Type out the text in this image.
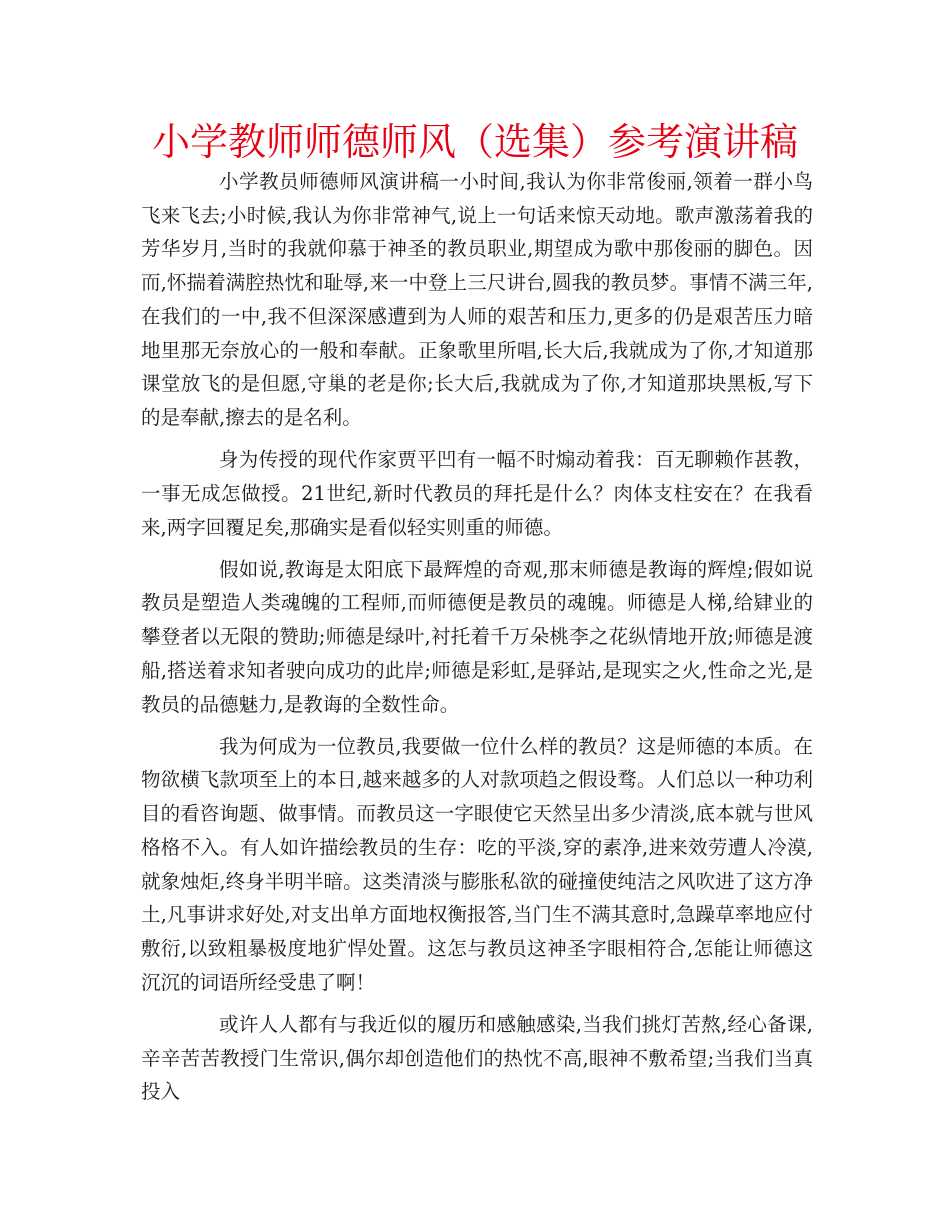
小学教师师德师风（选集）参考演讲稿

小学教员师德师风演讲稿一小时间,我认为你非常俊丽,领着一群小鸟飞来飞去;小时候,我认为你非常神气,说上一句话来惊天动地。歌声激荡着我的芳华岁月,当时的我就仰慕于神圣的教员职业,期望成为歌中那俊丽的脚色。因而,怀揣着满腔热忱和耻辱,来一中登上三尺讲台,圆我的教员梦。事情不满三年,在我们的一中,我不但深深感遭到为人师的艰苦和压力,更多的仍是艰苦压力暗地里那无奈放心的一般和奉献。正象歌里所唱,长大后,我就成为了你,才知道那课堂放飞的是但愿,守巢的老是你;长大后,我就成为了你,才知道那块黑板,写下的是奉献,擦去的是名利。

身为传授的现代作家贾平凹有一幅不时煽动着我：百无聊赖作甚教，一事无成怎做授。21世纪,新时代教员的拜托是什么？肉体支柱安在？在我看来,两字回覆足矣,那确实是看似轻实则重的师德。

假如说,教诲是太阳底下最辉煌的奇观,那末师德是教诲的辉煌;假如说教员是塑造人类魂魄的工程师,而师德便是教员的魂魄。师德是人梯,给肄业的攀登者以无限的赞助;师德是绿叶,衬托着千万朵桃李之花纵情地开放;师德是渡船,搭送着求知者驶向成功的此岸;师德是彩虹,是驿站,是现实之火,性命之光,是教员的品德魅力,是教诲的全数性命。

我为何成为一位教员,我要做一位什么样的教员？这是师德的本质。在物欲横飞款项至上的本日,越来越多的人对款项趋之假设骛。人们总以一种功利目的看咨询题、做事情。而教员这一字眼使它天然呈出多少清淡,底本就与世风格格不入。有人如许描绘教员的生存：吃的平淡,穿的素净,进来效劳遭人冷漠,就象烛炬,终身半明半暗。这类清淡与膨胀私欲的碰撞使纯洁之风吹进了这方净土,凡事讲求好处,对支出单方面地权衡报答,当门生不满其意时,急躁草率地应付敷衍,以致粗暴极度地犷悍处置。这怎与教员这神圣字眼相符合,怎能让师德这沉沉的词语所经受患了啊！

或许人人都有与我近似的履历和感触感染,当我们挑灯苦熬,经心备课,辛辛苦苦教授门生常识,偶尔却创造他们的热忱不高,眼神不敷希望;当我们当真投入
